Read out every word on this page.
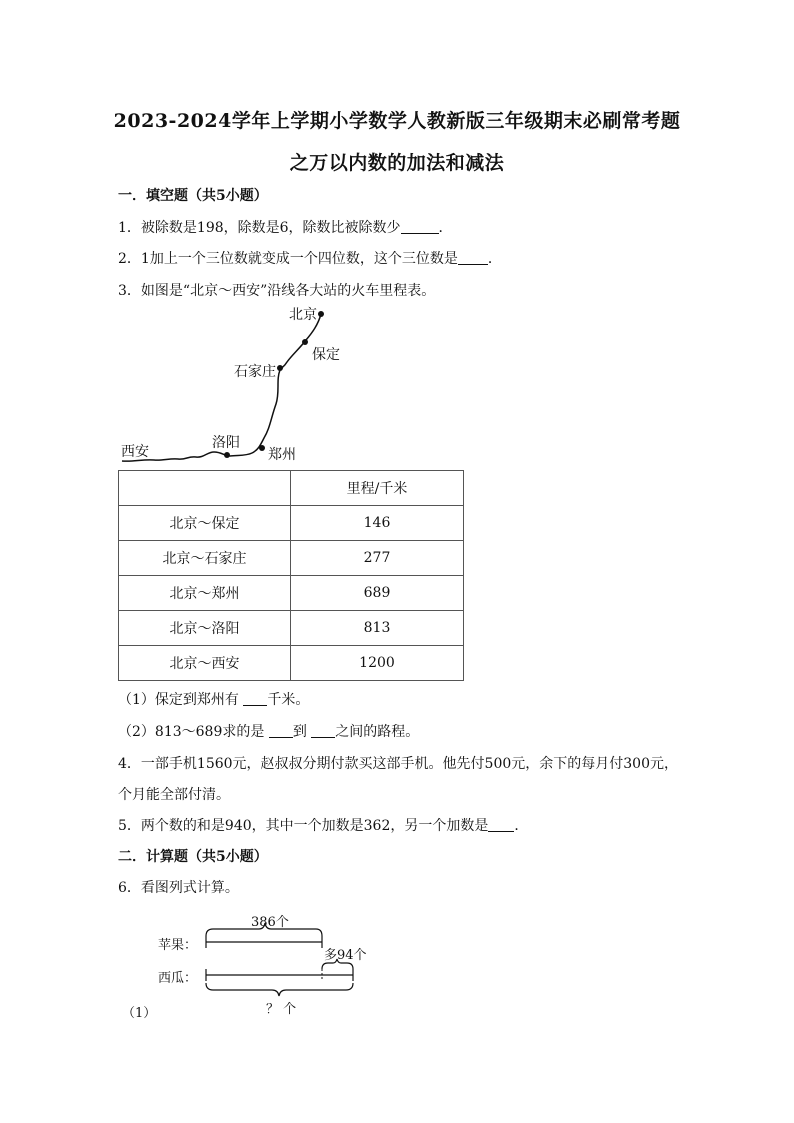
2023-2024学年上学期小学数学人教新版三年级期末必刷常考题
之万以内数的加法和减法
一．填空题（共5小题）
1．被除数是198，除数是6，除数比被除数少	．
2．1加上一个三位数就变成一个四位数，这个三位数是 ．
3．如图是“北京～西安”沿线各大站的火车里程表。
北京
保定
石家庄
洛阳
西安	郑州
	里程/千米
北京～保定	146
北京～石家庄	277
北京～郑州	689
北京～洛阳	813
北京～西安	1200
（1）保定到郑州有 千米。
（2）813～689求的是 到 之间的路程。
4．一部手机1560元，赵叔叔分期付款买这部手机。他先付500元，余下的每月付300元，
个月能全部付清。
5．两个数的和是940，其中一个加数是362，另一个加数是 ．
二．计算题（共5小题）
6．看图列式计算。
386个
苹果：
多94个
西瓜：
？ 个
（1）
